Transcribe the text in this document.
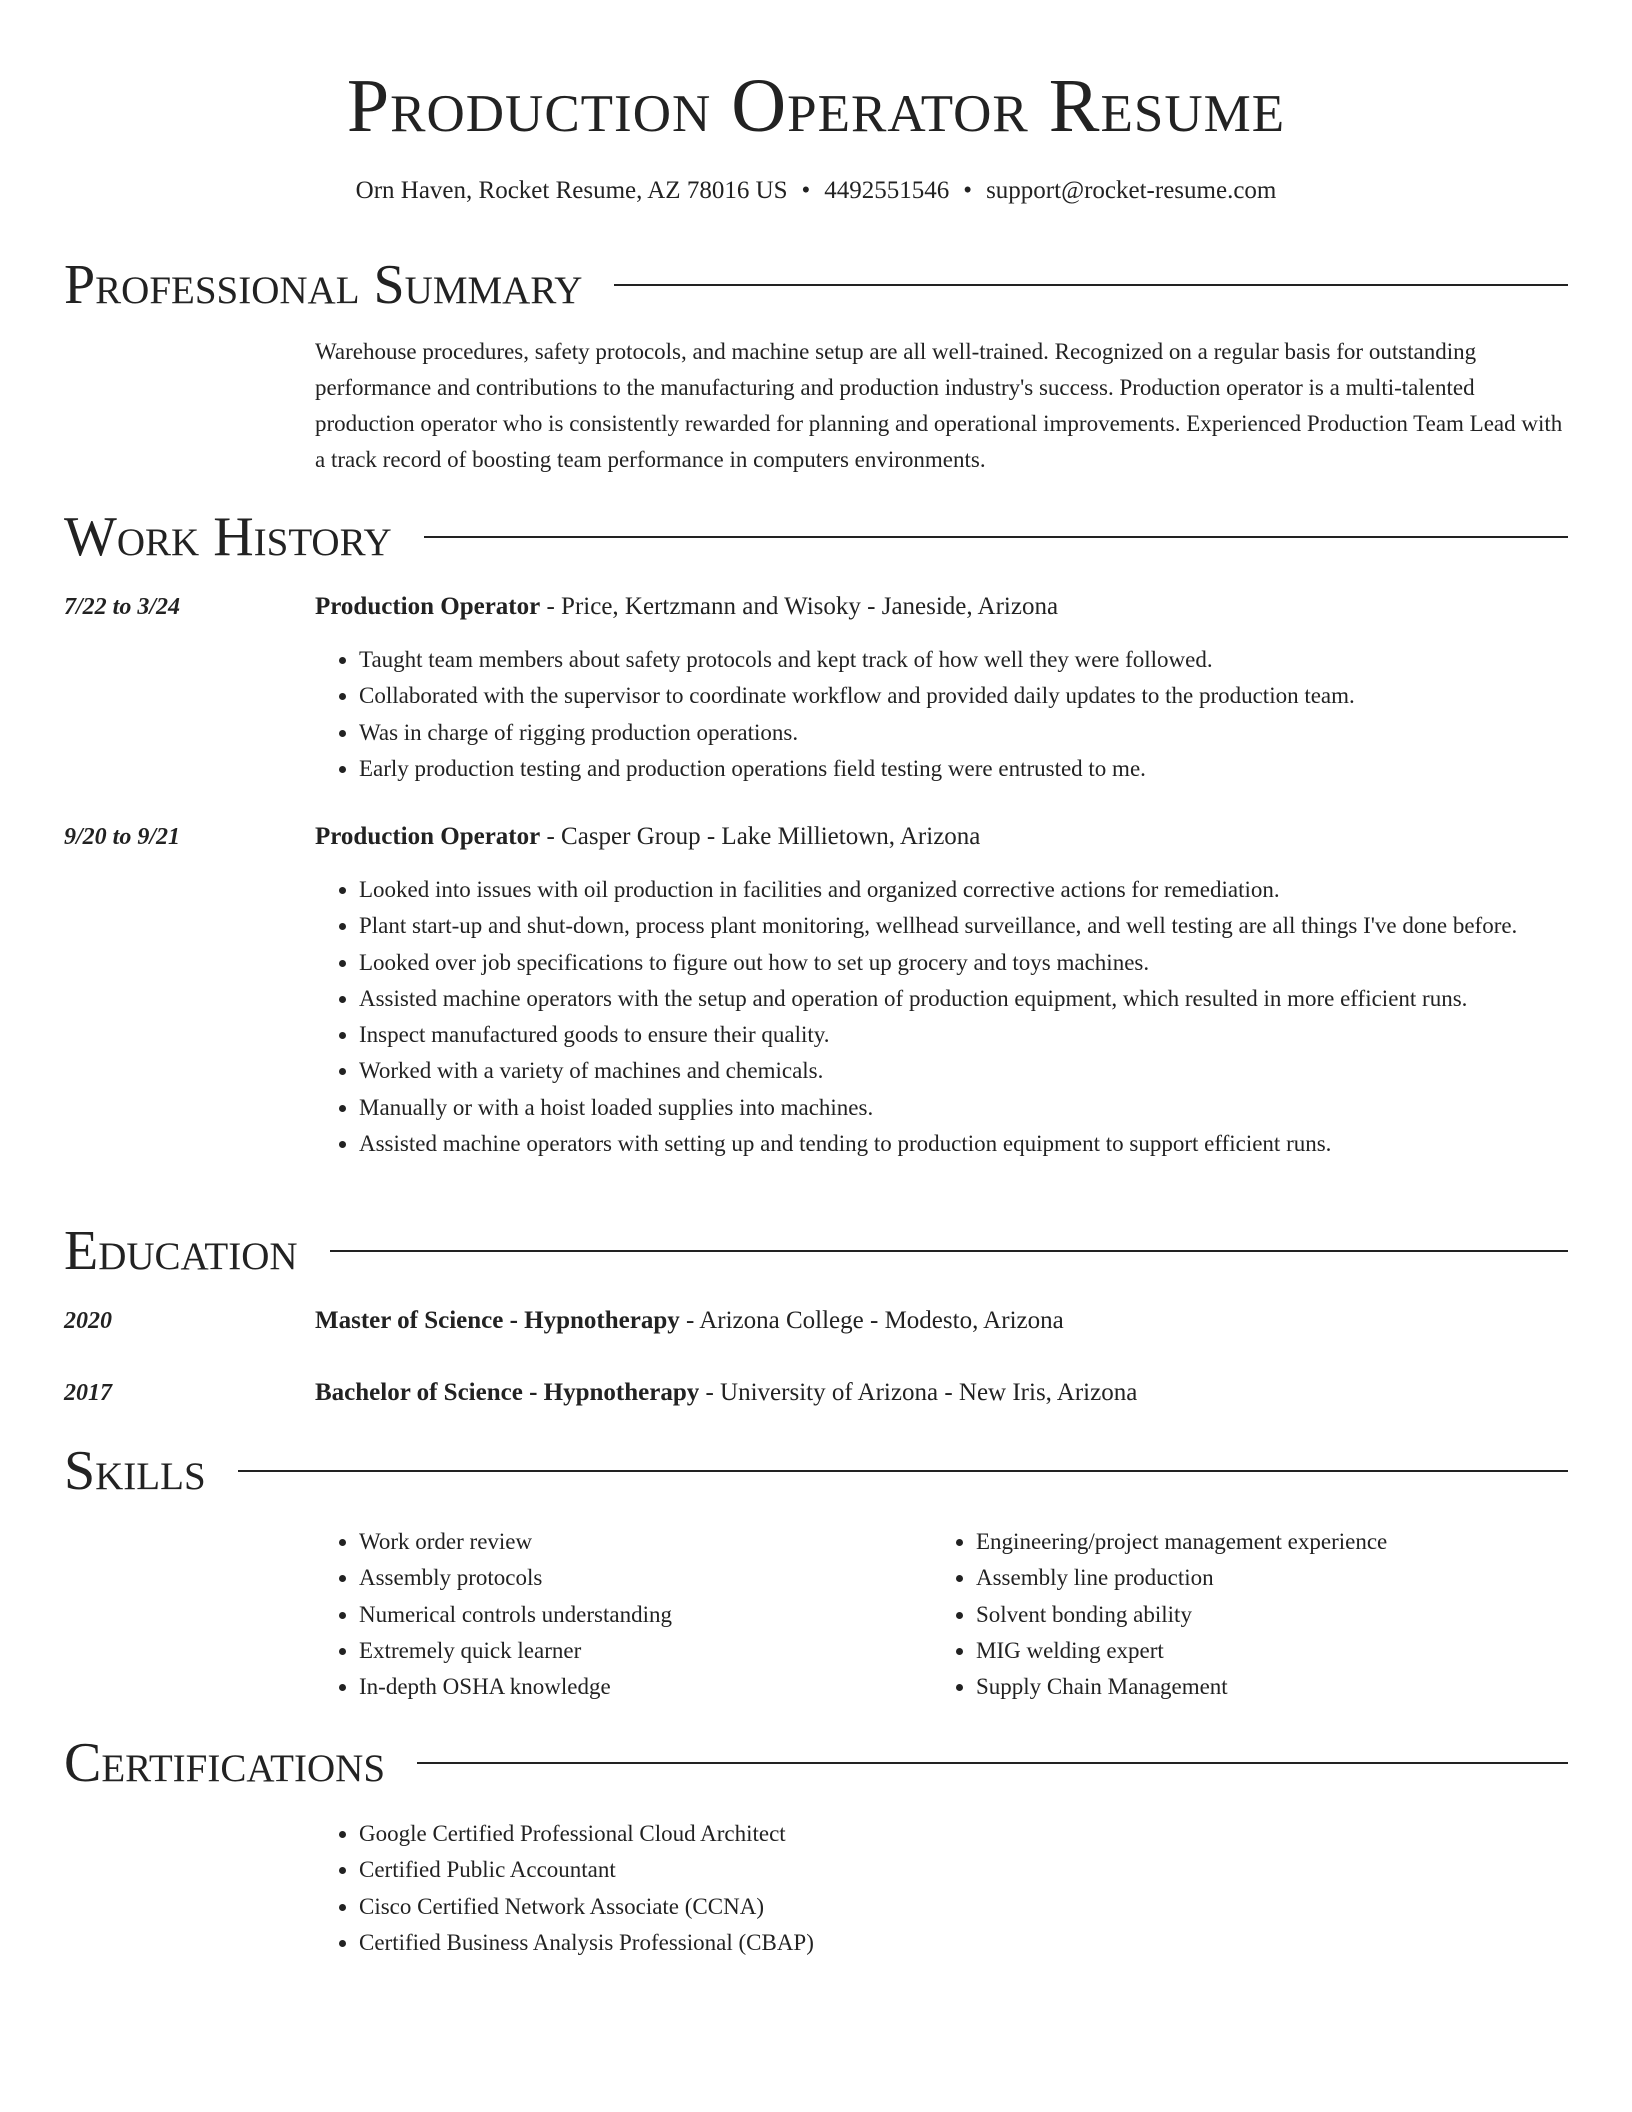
Production Operator Resume
Orn Haven, Rocket Resume, AZ 78016 US • 4492551546 • support@rocket-resume.com
Professional Summary
Warehouse procedures, safety protocols, and machine setup are all well-trained. Recognized on a regular basis for outstanding performance and contributions to the manufacturing and production industry's success. Production operator is a multi-talented production operator who is consistently rewarded for planning and operational improvements. Experienced Production Team Lead with a track record of boosting team performance in computers environments.
Work History
7/22 to 3/24	Production Operator - Price, Kertzmann and Wisoky - Janeside, Arizona
• Taught team members about safety protocols and kept track of how well they were followed.
• Collaborated with the supervisor to coordinate workflow and provided daily updates to the production team.
• Was in charge of rigging production operations.
• Early production testing and production operations field testing were entrusted to me.
9/20 to 9/21	Production Operator - Casper Group - Lake Millietown, Arizona
• Looked into issues with oil production in facilities and organized corrective actions for remediation.
• Plant start-up and shut-down, process plant monitoring, wellhead surveillance, and well testing are all things I've done before.
• Looked over job specifications to figure out how to set up grocery and toys machines.
• Assisted machine operators with the setup and operation of production equipment, which resulted in more efficient runs.
• Inspect manufactured goods to ensure their quality.
• Worked with a variety of machines and chemicals.
• Manually or with a hoist loaded supplies into machines.
• Assisted machine operators with setting up and tending to production equipment to support efficient runs.
Education
2020	Master of Science - Hypnotherapy - Arizona College - Modesto, Arizona
2017	Bachelor of Science - Hypnotherapy - University of Arizona - New Iris, Arizona
Skills
• Work order review
• Assembly protocols
• Numerical controls understanding
• Extremely quick learner
• In-depth OSHA knowledge
• Engineering/project management experience
• Assembly line production
• Solvent bonding ability
• MIG welding expert
• Supply Chain Management
Certifications
• Google Certified Professional Cloud Architect
• Certified Public Accountant
• Cisco Certified Network Associate (CCNA)
• Certified Business Analysis Professional (CBAP)
